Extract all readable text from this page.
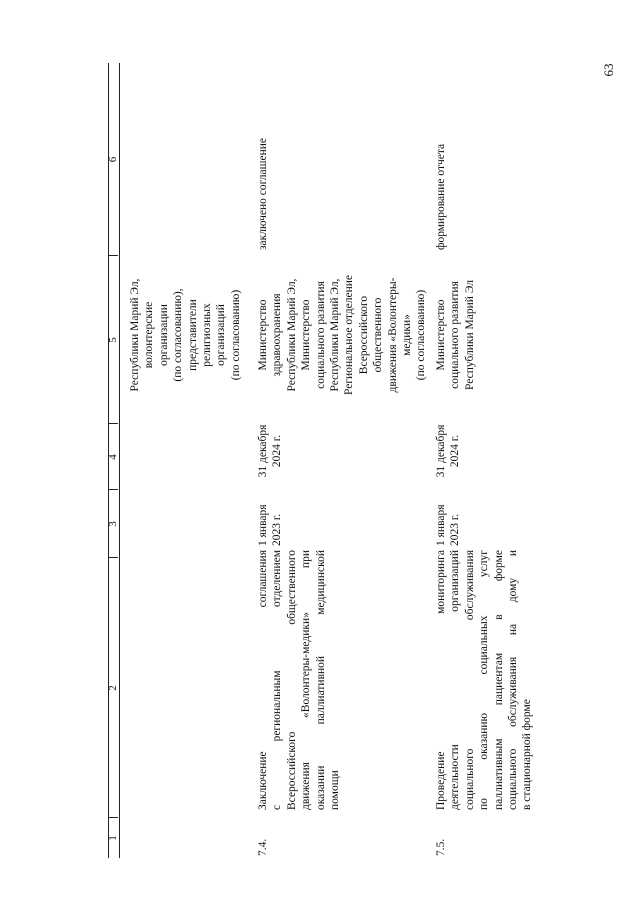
63
1
2
3
4
5
6
Республики Марий Эл, волонтерские организации (по согласованию), представители религиозных организаций (по согласованию)
7.4.
Заключение соглашения с региональным отделением Всероссийского общественного движения «Волонтеры-медики» при оказании паллиативной медицинской помощи
1 января 2023 г.
31 декабря 2024 г.
Министерство здравоохранения Республики Марий Эл, Министерство социального развития Республики Марий Эл, Региональное отделение Всероссийского общественного движения «Волонтеры- медики» (по согласованию)
заключено соглашение
7.5.
Проведение мониторинга деятельности организаций социального обслуживания по оказанию социальных услуг паллиативным пациентам в форме социального обслуживания на дому и в стационарной форме
1 января 2023 г.
31 декабря 2024 г.
Министерство социального развития Республики Марий Эл
формирование отчета
